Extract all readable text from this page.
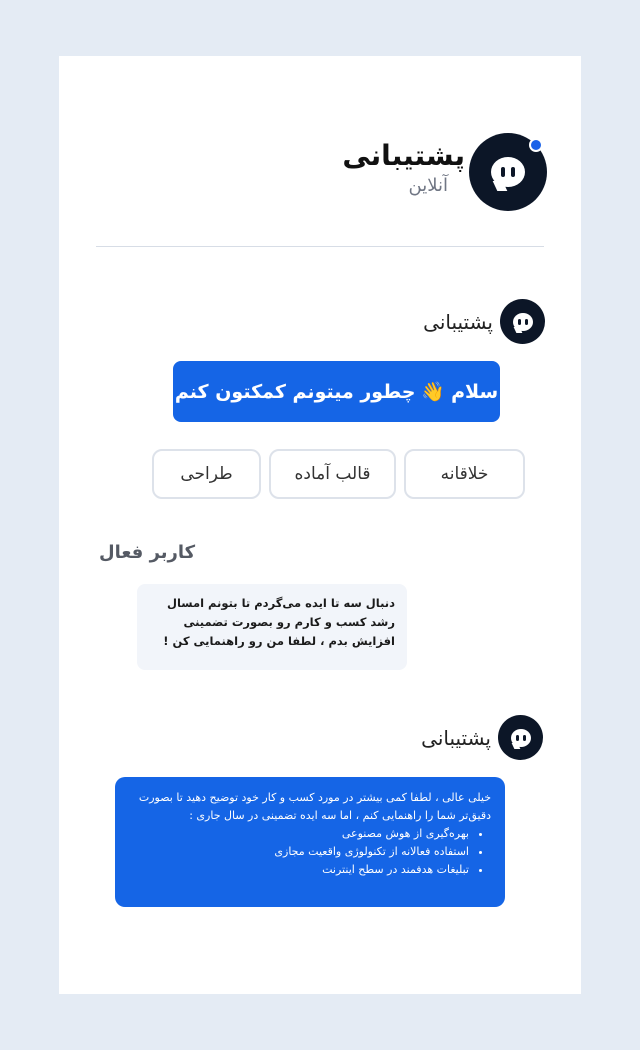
پشتیبانی
آنلاین
پشتیبانی
سلام
👋
چطور میتونم کمکتون کنم
خلاقانه
قالب آماده
طراحی
کاربر فعال
دنبال سه تا ایده می‌گردم تا بتونم امسال رشد کسب و کارم رو بصورت تضمینی افزایش بدم ، لطفا من رو راهنمایی کن !
پشتیبانی
خیلی عالی ، لطفا کمی بیشتر در مورد کسب و کار خود توضیح دهید تا بصورت دقیق‌تر شما را راهنمایی کنم ، اما سه ایده تضمینی در سال جاری :
• بهره‌گیری از هوش مصنوعی
• استفاده فعالانه از تکنولوژی واقعیت مجازی
• تبلیغات هدفمند در سطح اینترنت
